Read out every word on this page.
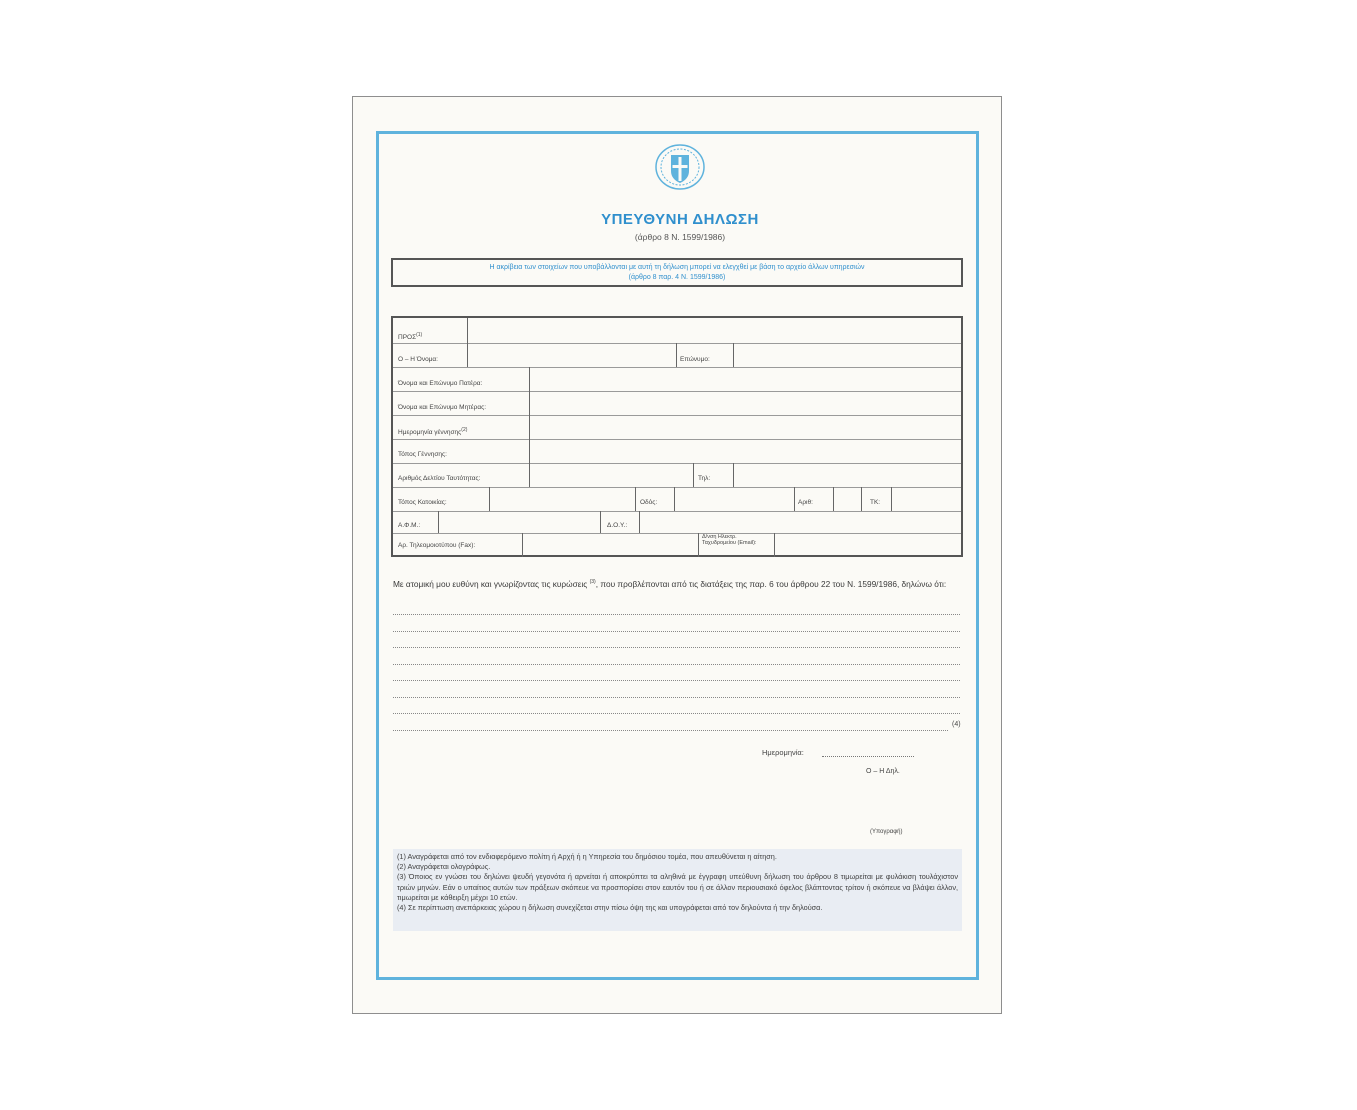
ΥΠΕΥΘΥΝΗ ΔΗΛΩΣΗ
(άρθρο 8 Ν. 1599/1986)
Η ακρίβεια των στοιχείων που υποβάλλονται με αυτή τη δήλωση μπορεί να ελεγχθεί με βάση το αρχείο άλλων υπηρεσιών
(άρθρο 8 παρ. 4 Ν. 1599/1986)
ΠΡΟΣ$^{(1)}$
Ο – Η Όνομα:	Επώνυμο:
Όνομα και Επώνυμο Πατέρα:
Όνομα και Επώνυμο Μητέρας:
Ημερομηνία γέννησης$^{(2)}$
Τόπος Γέννησης:
Αριθμός Δελτίου Ταυτότητας:	Τηλ:
Τόπος Κατοικίας:	Οδός:	Αριθ:	ΤΚ:
Α.Φ.Μ.:	Δ.Ο.Υ.:
Αρ. Τηλεομοιοτύπου (Fax):
Δ/νση Ηλεκτρ. Ταχυδρομείου (Email):
Με ατομική μου ευθύνη και γνωρίζοντας τις κυρώσεις $^{(3)}$, που προβλέπονται από τις διατάξεις της παρ. 6 του άρθρου 22 του Ν. 1599/1986, δηλώνω ότι:
(4)
Ημερομηνία:
Ο – Η Δηλ.
(Υπογραφή)
(1) Αναγράφεται από τον ενδιαφερόμενο πολίτη ή Αρχή ή η Υπηρεσία του δημόσιου τομέα, που απευθύνεται η αίτηση.
(2) Αναγράφεται ολογράφως.
(3) Όποιος εν γνώσει του δηλώνει ψευδή γεγονότα ή αρνείται ή αποκρύπτει τα αληθινά με έγγραφη υπεύθυνη δήλωση του άρθρου 8 τιμωρείται με φυλάκιση τουλάχιστον τριών μηνών. Εάν ο υπαίτιος αυτών των πράξεων σκόπευε να προσπορίσει στον εαυτόν του ή σε άλλον περιουσιακό όφελος βλάπτοντας τρίτον ή σκόπευε να βλάψει άλλον, τιμωρείται με κάθειρξη μέχρι 10 ετών.
(4) Σε περίπτωση ανεπάρκειας χώρου η δήλωση συνεχίζεται στην πίσω όψη της και υπογράφεται από τον δηλούντα ή την δηλούσα.
